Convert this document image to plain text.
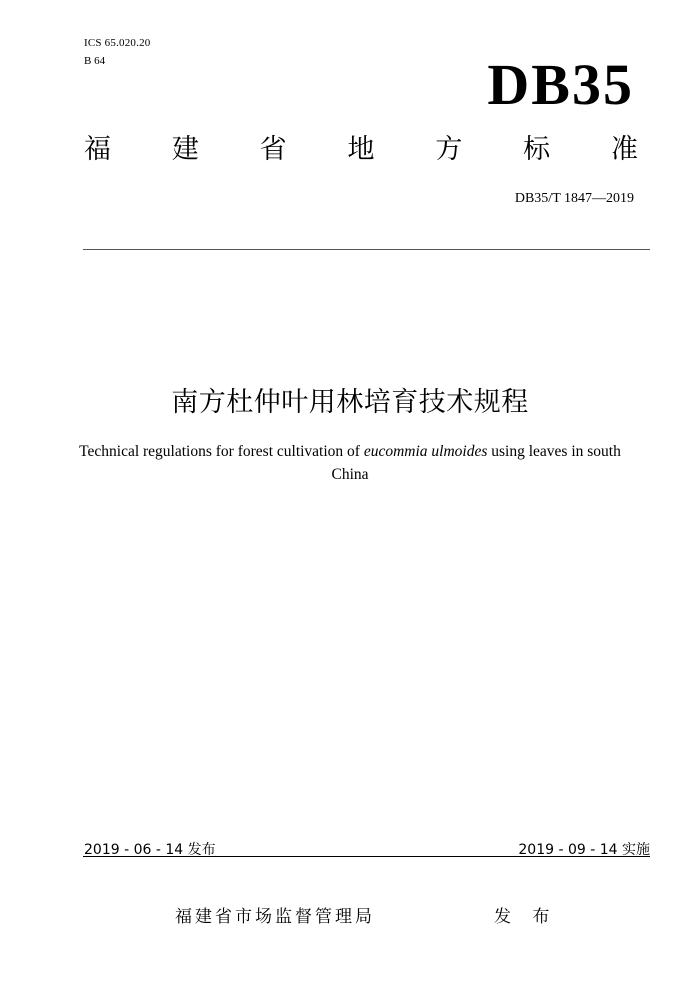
ICS 65.020.20
B 64	DB35
福 建 省 地 方 标 准
DB35/T 1847—2019
南方杜仲叶用林培育技术规程
Technical regulations for forest cultivation of eucommia ulmoides using leaves in south China
2019 - 06 - 14 发布	2019 - 09 - 14 实施
福建省市场监督管理局	发 布
